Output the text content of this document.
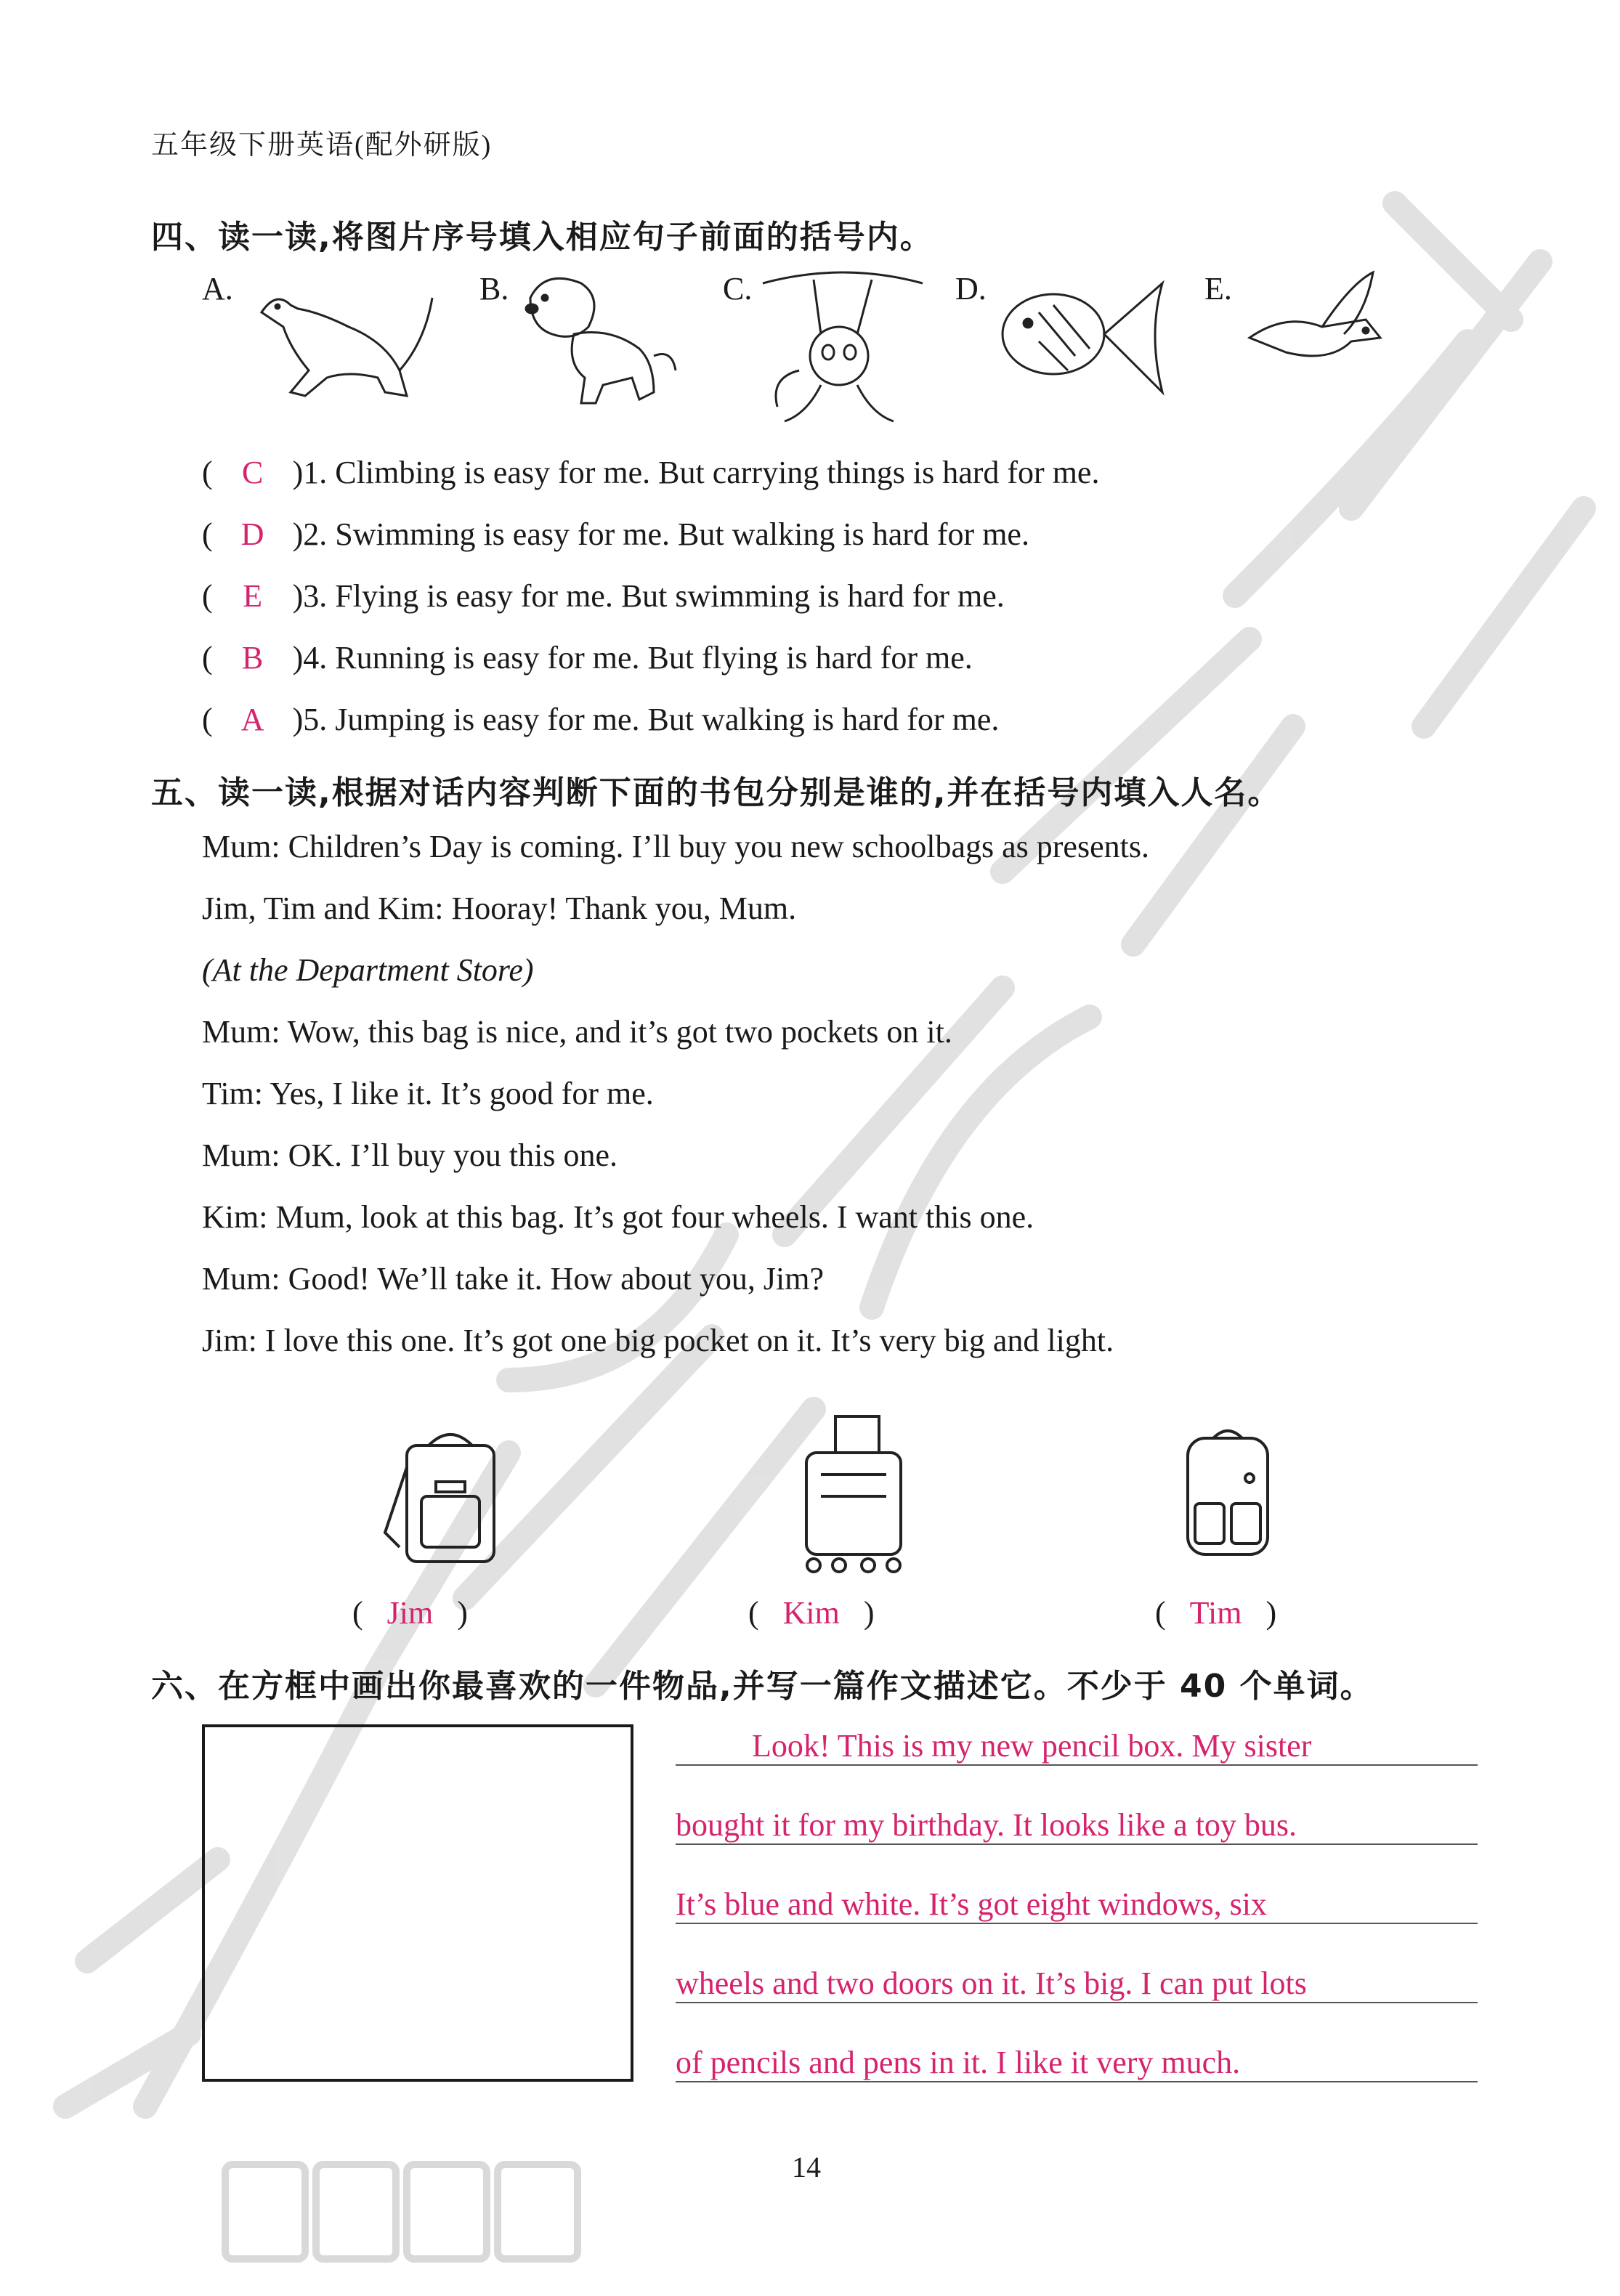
五年级下册英语(配外研版)
四、读一读,将图片序号填入相应句子前面的括号内。
A.	B.	C.	D.	E.
( C )1. Climbing is easy for me. But carrying things is hard for me.
( D )2. Swimming is easy for me. But walking is hard for me.
( E )3. Flying is easy for me. But swimming is hard for me.
( B )4. Running is easy for me. But flying is hard for me.
( A )5. Jumping is easy for me. But walking is hard for me.
五、读一读,根据对话内容判断下面的书包分别是谁的,并在括号内填入人名。
Mum: Children’s Day is coming. I’ll buy you new schoolbags as presents.
Jim, Tim and Kim: Hooray! Thank you, Mum.
(At the Department Store)
Mum: Wow, this bag is nice, and it’s got two pockets on it.
Tim: Yes, I like it. It’s good for me.
Mum: OK. I’ll buy you this one.
Kim: Mum, look at this bag. It’s got four wheels. I want this one.
Mum: Good! We’ll take it. How about you, Jim?
Jim: I love this one. It’s got one big pocket on it. It’s very big and light.
(   Jim   )	(   Kim   )	(   Tim   )
六、在方框中画出你最喜欢的一件物品,并写一篇作文描述它。不少于 40 个单词。
Look! This is my new pencil box. My sister
bought it for my birthday. It looks like a toy bus.
It’s blue and white. It’s got eight windows, six
wheels and two doors on it. It’s big. I can put lots
of pencils and pens in it. I like it very much.
14
